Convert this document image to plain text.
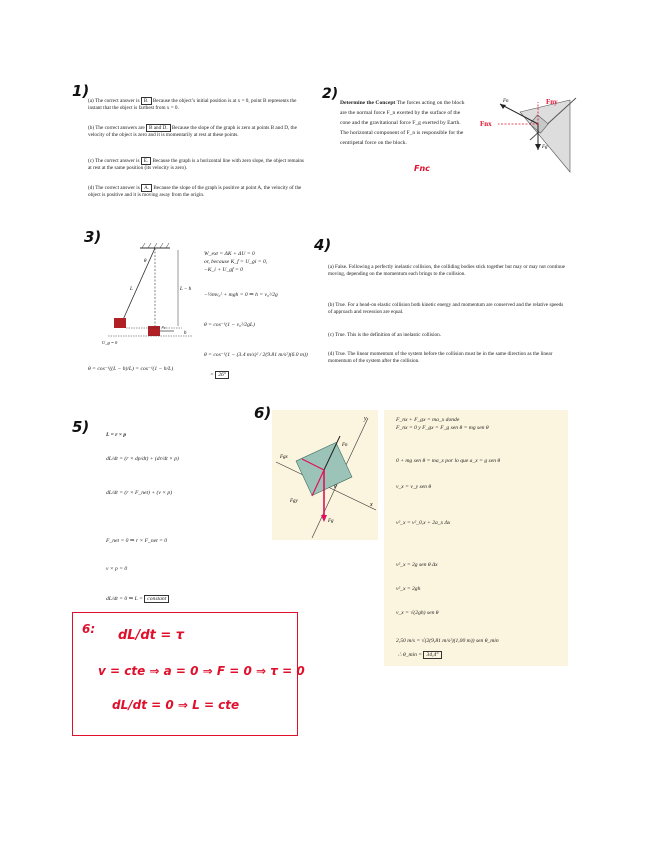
1)
(a) The correct answer is B. Because the object’s initial position is at x = 0, point B represents the instant that the object is farthest from x = 0.
(b) The correct answers are B and D. Because the slope of the graph is zero at points B and D, the velocity of the object is zero and it is momentarily at rest at these points.
(c) The correct answer is E. Because the graph is a horizontal line with zero slope, the object remains at rest at the same position (its velocity is zero).
(d) The correct answer is A. Because the slope of the graph is positive at point A, the velocity of the object is positive and it is moving away from the origin.
2)
Determine the Concept The forces acting on the block are the normal force F_n exerted by the surface of the cone and the gravitational force F_g exerted by Earth. The horizontal component of F_n is responsible for the centripetal force on the block.
Fnc
Fn
Fg
Fny
Fnx
3)
θ
L	L − h
h
v₀
U_g = 0
W_ext = ΔK + ΔU = 0
or, because K_f = U_gi = 0,
−K_i + U_gf = 0
−½mv₀² + mgh = 0 ⇒ h = v₀²/2g
θ = cos⁻¹(1 − v₀²/2gL)
θ = cos⁻¹(1 − (3.4 m/s)² / 2(9.81 m/s²)(6.0 m))
= 26°
θ = cos⁻¹((L − h)/L) = cos⁻¹(1 − h/L)
4)
(a) False. Following a perfectly inelastic collision, the colliding bodies stick together but may or may not continue moving, depending on the momentum each brings to the collision.
(b) True. For a head-on elastic collision both kinetic energy and momentum are conserved and the relative speeds of approach and recession are equal.
(c) True. This is the definition of an inelastic collision.
(d) True. The linear momentum of the system before the collision must be in the same direction as the linear momentum of the system after the collision.
5)	L = r × p
dL/dt = (r × dp/dt) + (dr/dt × p)
dL/dt = (r × F_net) + (v × p)
F_net = 0 ⇒ r × F_net = 0
v × p = 0
dL/dt = 0 ⇒ L = constant
6: dL/dt = τ
v = cte ⇒ a = 0 ⇒ F = 0 ⇒ τ = 0
dL/dt = 0 ⇒ L = cte
6)	y
x
Fn
Fg
Fgy
Fgx
θ
F_nx + F_gx = ma_x donde
F_nx = 0 y F_gx = F_g sen θ = mg sen θ
0 + mg sen θ = ma_x por lo que a_x = g sen θ
v_x = v_y sen θ
v²_x = v²_0,x + 2a_x Δx
v²_x = 2g sen θ Δx
v²_x = 2gh
v_x = √(2gh) sen θ
2,50 m/s = √(2(9,81 m/s²)(1,00 m)) sen θ_min
∴ θ_min = 34,4°
